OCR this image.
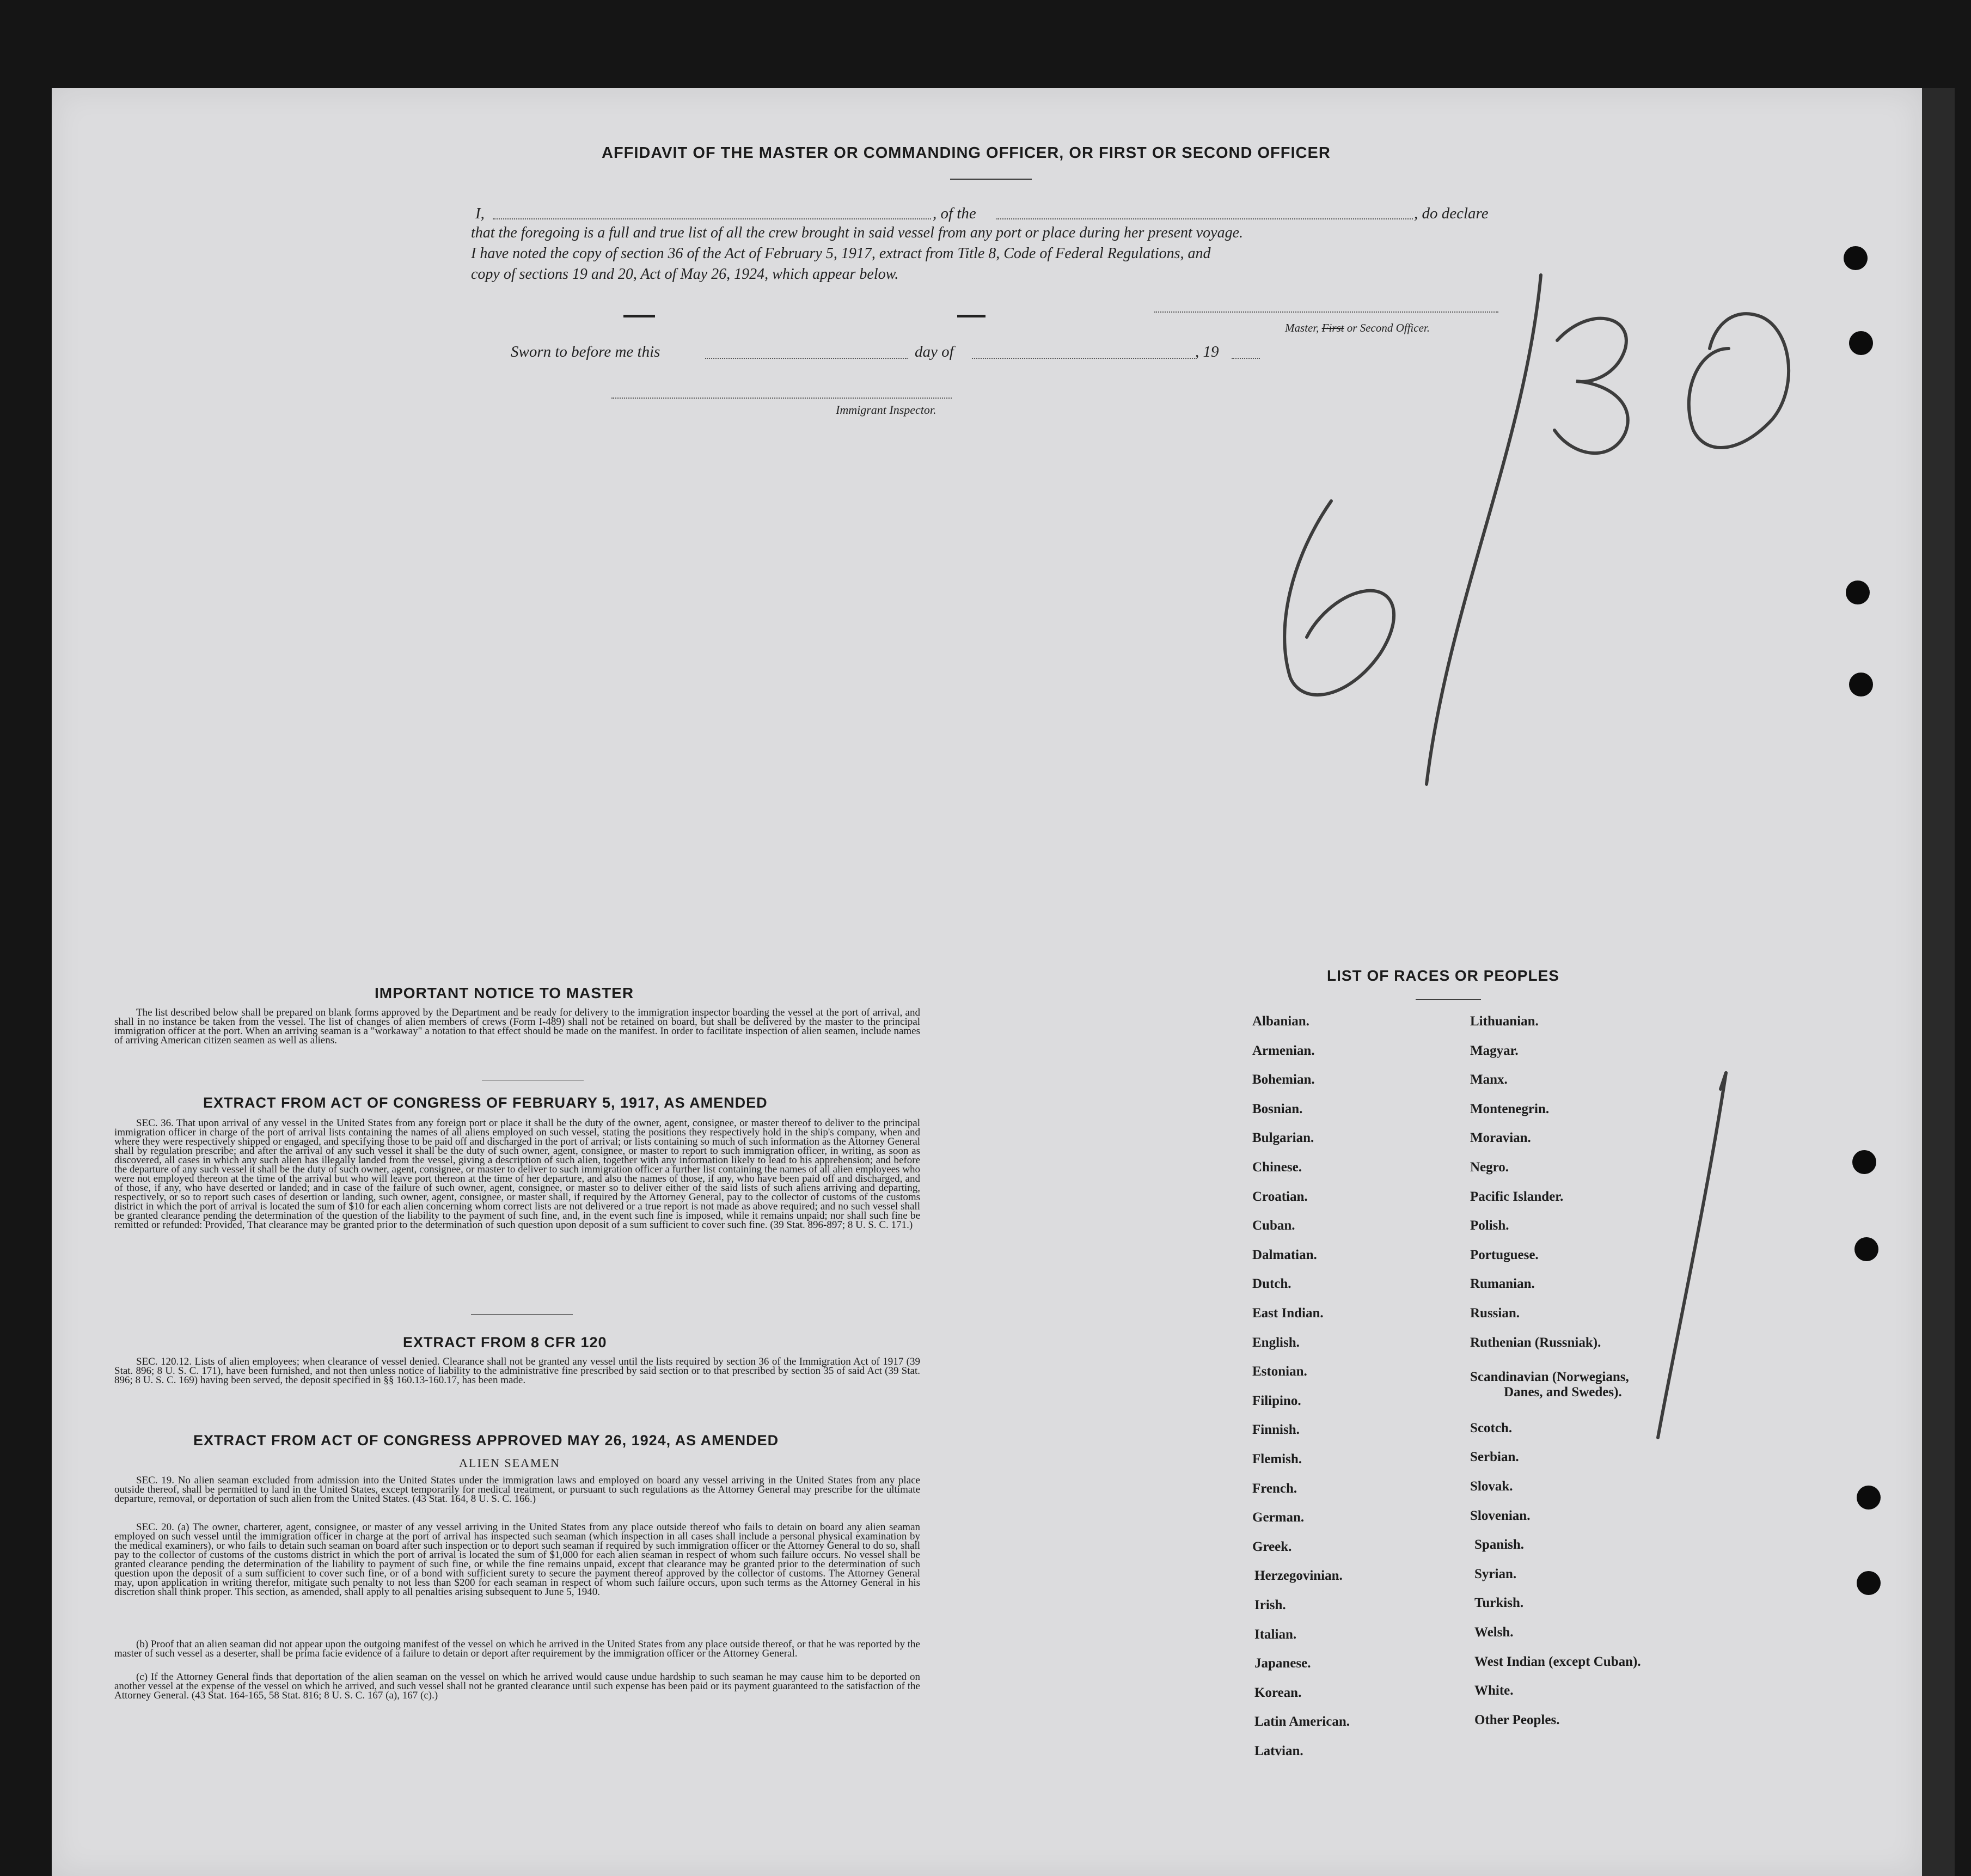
AFFIDAVIT OF THE MASTER OR COMMANDING OFFICER, OR FIRST OR SECOND OFFICER
I,	, of the	, do declare
that the foregoing is a full and true list of all the crew brought in said vessel from any port or place during her present voyage.
I have noted the copy of section 36 of the Act of February 5, 1917, extract from Title 8, Code of Federal Regulations, and
copy of sections 19 and 20, Act of May 26, 1924, which appear below.
Master, First or Second Officer.
Sworn to before me this	day of	, 19
Immigrant Inspector.
IMPORTANT NOTICE TO MASTER
The list described below shall be prepared on blank forms approved by the Department and be ready for delivery to the immigration inspector boarding the vessel at the port of arrival, and shall in no instance be taken from the vessel. The list of changes of alien members of crews (Form I-489) shall not be retained on board, but shall be delivered by the master to the principal immigration officer at the port. When an arriving seaman is a "workaway" a notation to that effect should be made on the manifest. In order to facilitate inspection of alien seamen, include names of arriving American citizen seamen as well as aliens.
EXTRACT FROM ACT OF CONGRESS OF FEBRUARY 5, 1917, AS AMENDED
SEC. 36. That upon arrival of any vessel in the United States from any foreign port or place it shall be the duty of the owner, agent, consignee, or master thereof to deliver to the principal immigration officer in charge of the port of arrival lists containing the names of all aliens employed on such vessel, stating the positions they respectively hold in the ship's company, when and where they were respectively shipped or engaged, and specifying those to be paid off and discharged in the port of arrival; or lists containing so much of such information as the Attorney General shall by regulation prescribe; and after the arrival of any such vessel it shall be the duty of such owner, agent, consignee, or master to report to such immigration officer, in writing, as soon as discovered, all cases in which any such alien has illegally landed from the vessel, giving a description of such alien, together with any information likely to lead to his apprehension; and before the departure of any such vessel it shall be the duty of such owner, agent, consignee, or master to deliver to such immigration officer a further list containing the names of all alien employees who were not employed thereon at the time of the arrival but who will leave port thereon at the time of her departure, and also the names of those, if any, who have been paid off and discharged, and of those, if any, who have deserted or landed; and in case of the failure of such owner, agent, consignee, or master so to deliver either of the said lists of such aliens arriving and departing, respectively, or so to report such cases of desertion or landing, such owner, agent, consignee, or master shall, if required by the Attorney General, pay to the collector of customs of the customs district in which the port of arrival is located the sum of $10 for each alien concerning whom correct lists are not delivered or a true report is not made as above required; and no such vessel shall be granted clearance pending the determination of the question of the liability to the payment of such fine, and, in the event such fine is imposed, while it remains unpaid; nor shall such fine be remitted or refunded: Provided, That clearance may be granted prior to the determination of such question upon deposit of a sum sufficient to cover such fine. (39 Stat. 896-897; 8 U. S. C. 171.)
EXTRACT FROM 8 CFR 120
SEC. 120.12. Lists of alien employees; when clearance of vessel denied. Clearance shall not be granted any vessel until the lists required by section 36 of the Immigration Act of 1917 (39 Stat. 896; 8 U. S. C. 171), have been furnished, and not then unless notice of liability to the administrative fine prescribed by said section or to that prescribed by section 35 of said Act (39 Stat. 896; 8 U. S. C. 169) having been served, the deposit specified in §§ 160.13-160.17, has been made.
EXTRACT FROM ACT OF CONGRESS APPROVED MAY 26, 1924, AS AMENDED
ALIEN SEAMEN
SEC. 19. No alien seaman excluded from admission into the United States under the immigration laws and employed on board any vessel arriving in the United States from any place outside thereof, shall be permitted to land in the United States, except temporarily for medical treatment, or pursuant to such regulations as the Attorney General may prescribe for the ultimate departure, removal, or deportation of such alien from the United States. (43 Stat. 164, 8 U. S. C. 166.)
SEC. 20. (a) The owner, charterer, agent, consignee, or master of any vessel arriving in the United States from any place outside thereof who fails to detain on board any alien seaman employed on such vessel until the immigration officer in charge at the port of arrival has inspected such seaman (which inspection in all cases shall include a personal physical examination by the medical examiners), or who fails to detain such seaman on board after such inspection or to deport such seaman if required by such immigration officer or the Attorney General to do so, shall pay to the collector of customs of the customs district in which the port of arrival is located the sum of $1,000 for each alien seaman in respect of whom such failure occurs. No vessel shall be granted clearance pending the determination of the liability to payment of such fine, or while the fine remains unpaid, except that clearance may be granted prior to the determination of such question upon the deposit of a sum sufficient to cover such fine, or of a bond with sufficient surety to secure the payment thereof approved by the collector of customs. The Attorney General may, upon application in writing therefor, mitigate such penalty to not less than $200 for each seaman in respect of whom such failure occurs, upon such terms as the Attorney General in his discretion shall think proper. This section, as amended, shall apply to all penalties arising subsequent to June 5, 1940.
(b) Proof that an alien seaman did not appear upon the outgoing manifest of the vessel on which he arrived in the United States from any place outside thereof, or that he was reported by the master of such vessel as a deserter, shall be prima facie evidence of a failure to detain or deport after requirement by the immigration officer or the Attorney General.
(c) If the Attorney General finds that deportation of the alien seaman on the vessel on which he arrived would cause undue hardship to such seaman he may cause him to be deported on another vessel at the expense of the vessel on which he arrived, and such vessel shall not be granted clearance until such expense has been paid or its payment guaranteed to the satisfaction of the Attorney General. (43 Stat. 164-165, 58 Stat. 816; 8 U. S. C. 167 (a), 167 (c).)
LIST OF RACES OR PEOPLES
Albanian.
Armenian.
Bohemian.
Bosnian.
Bulgarian.
Chinese.
Croatian.
Cuban.
Dalmatian.
Dutch.
East Indian.
English.
Estonian.
Filipino.
Finnish.
Flemish.
French.
German.
Greek.
Herzegovinian.
Irish.
Italian.
Japanese.
Korean.
Latin American.
Latvian.
Lithuanian.
Magyar.
Manx.
Montenegrin.
Moravian.
Negro.
Pacific Islander.
Polish.
Portuguese.
Rumanian.
Russian.
Ruthenian (Russniak).
Scandinavian (Norwegians,
Danes, and Swedes).
Scotch.
Serbian.
Slovak.
Slovenian.
Spanish.
Syrian.
Turkish.
Welsh.
West Indian (except Cuban).
White.
Other Peoples.
